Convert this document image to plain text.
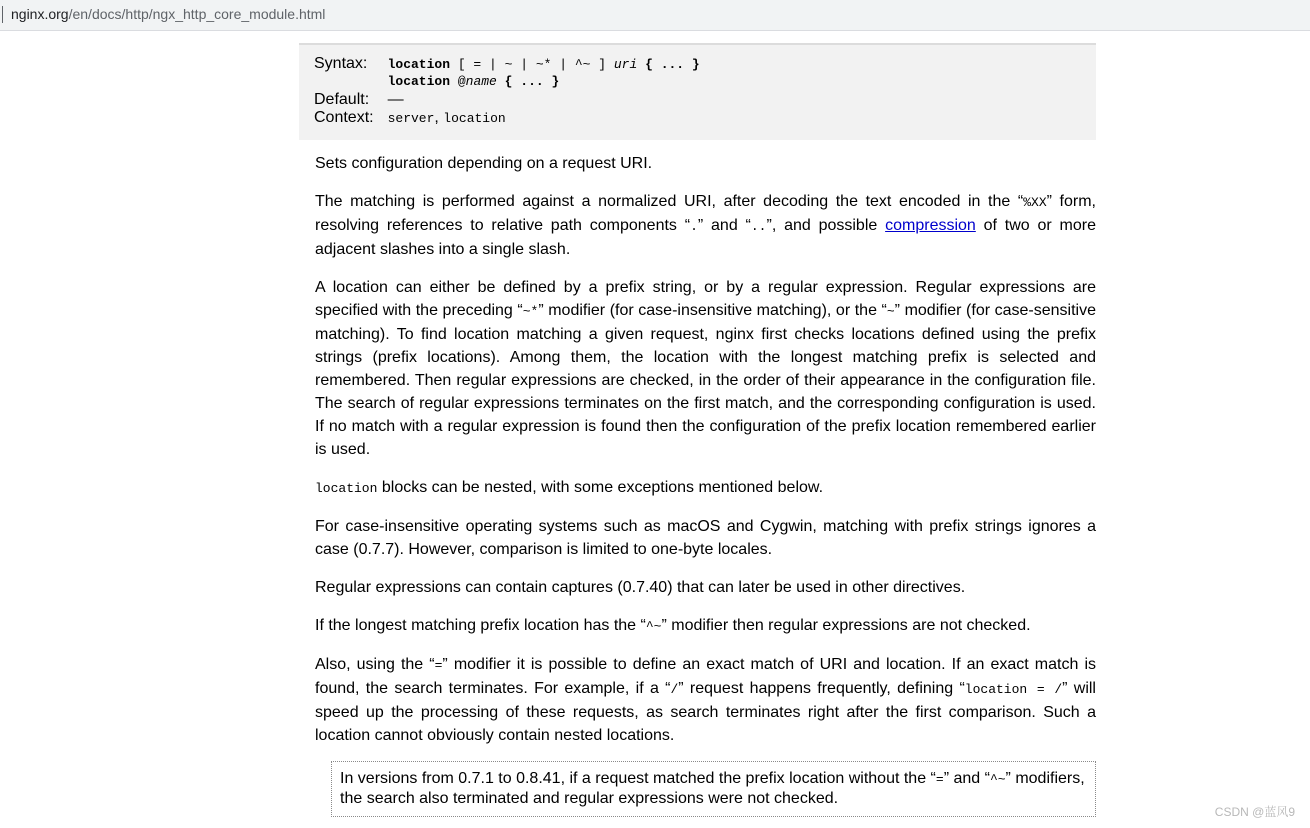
nginx.org/en/docs/http/ngx_http_core_module.html
Syntax:	location [ = | ~ | ~* | ^~ ] uri { ... }
location @name { ... }

Default:	—
Context:	server, location

Sets configuration depending on a request URI.

The matching is performed against a normalized URI, after decoding the text encoded in the “%XX” form, resolving references to relative path components “.” and “..”, and possible compression of two or more adjacent slashes into a single slash.

A location can either be defined by a prefix string, or by a regular expression. Regular expressions are specified with the preceding “~*” modifier (for case-insensitive matching), or the “~” modifier (for case-sensitive matching). To find location matching a given request, nginx first checks locations defined using the prefix strings (prefix locations). Among them, the location with the longest matching prefix is selected and remembered. Then regular expressions are checked, in the order of their appearance in the configuration file. The search of regular expressions terminates on the first match, and the corresponding configuration is used. If no match with a regular expression is found then the configuration of the prefix location remembered earlier is used.

location blocks can be nested, with some exceptions mentioned below.

For case-insensitive operating systems such as macOS and Cygwin, matching with prefix strings ignores a case (0.7.7). However, comparison is limited to one-byte locales.

Regular expressions can contain captures (0.7.40) that can later be used in other directives.

If the longest matching prefix location has the “^~” modifier then regular expressions are not checked.

Also, using the “=” modifier it is possible to define an exact match of URI and location. If an exact match is found, the search terminates. For example, if a “/” request happens frequently, defining “location = /” will speed up the processing of these requests, as search terminates right after the first comparison. Such a location cannot obviously contain nested locations.

In versions from 0.7.1 to 0.8.41, if a request matched the prefix location without the “=” and “^~” modifiers, the search also terminated and regular expressions were not checked.
CSDN @蓝风9
